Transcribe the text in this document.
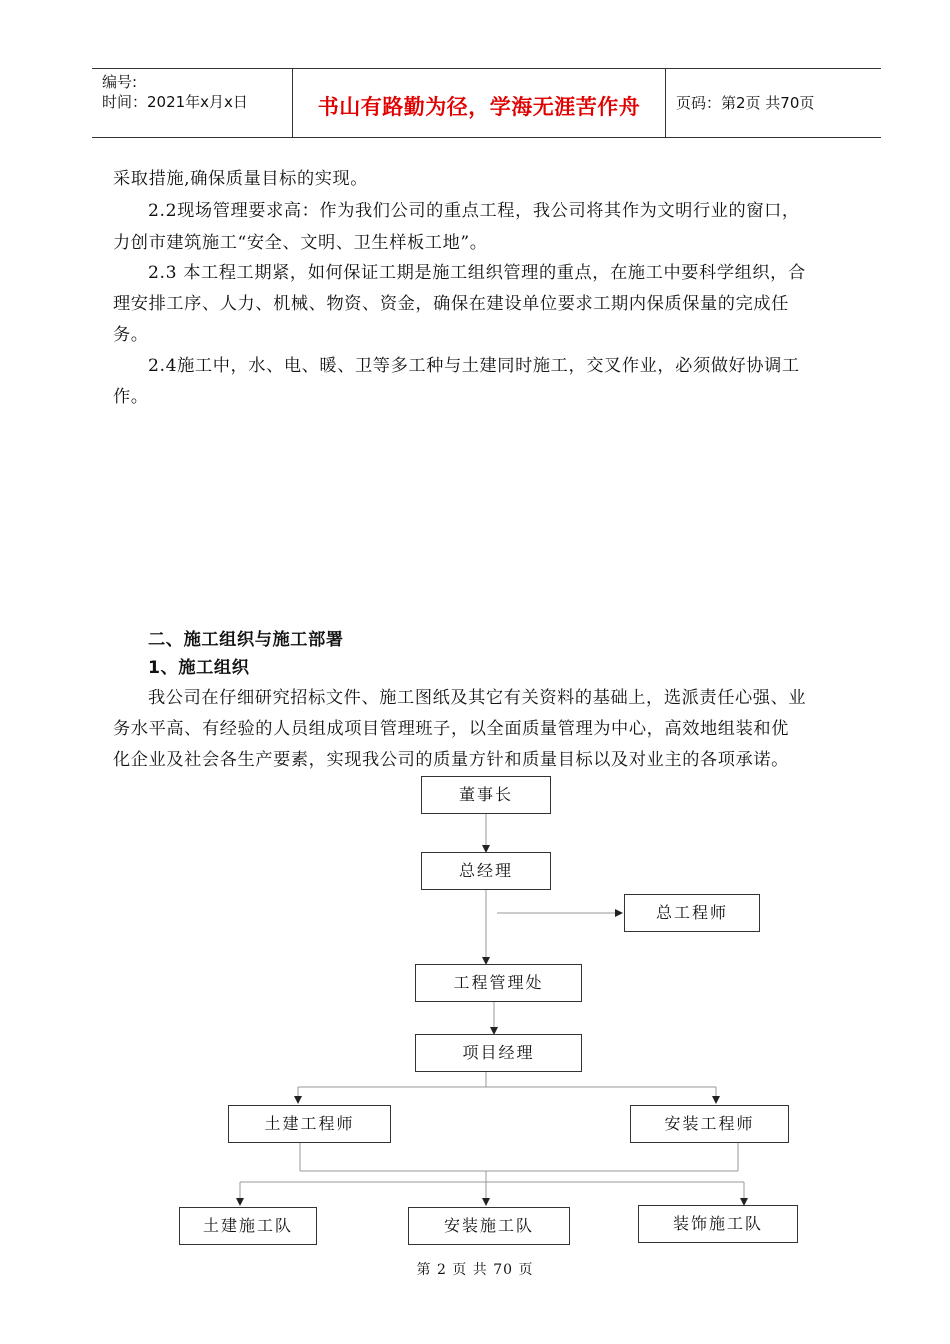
编号:
时间：2021年x月x日	书山有路勤为径，学海无涯苦作舟	页码：第2页 共70页
采取措施,确保质量目标的实现。
2.2现场管理要求高：作为我们公司的重点工程，我公司将其作为文明行业的窗口，
力创市建筑施工“安全、文明、卫生样板工地”。
2.3 本工程工期紧，如何保证工期是施工组织管理的重点，在施工中要科学组织，合
理安排工序、人力、机械、物资、资金，确保在建设单位要求工期内保质保量的完成任
务。
2.4施工中，水、电、暖、卫等多工种与土建同时施工，交叉作业，必须做好协调工
作。
二、施工组织与施工部署
1、施工组织
我公司在仔细研究招标文件、施工图纸及其它有关资料的基础上，选派责任心强、业
务水平高、有经验的人员组成项目管理班子，以全面质量管理为中心，高效地组装和优
化企业及社会各生产要素，实现我公司的质量方针和质量目标以及对业主的各项承诺。
董事长
总经理
总工程师
工程管理处
项目经理
土建工程师	安装工程师
土建施工队	安装施工队	装饰施工队
第 2 页 共 70 页
